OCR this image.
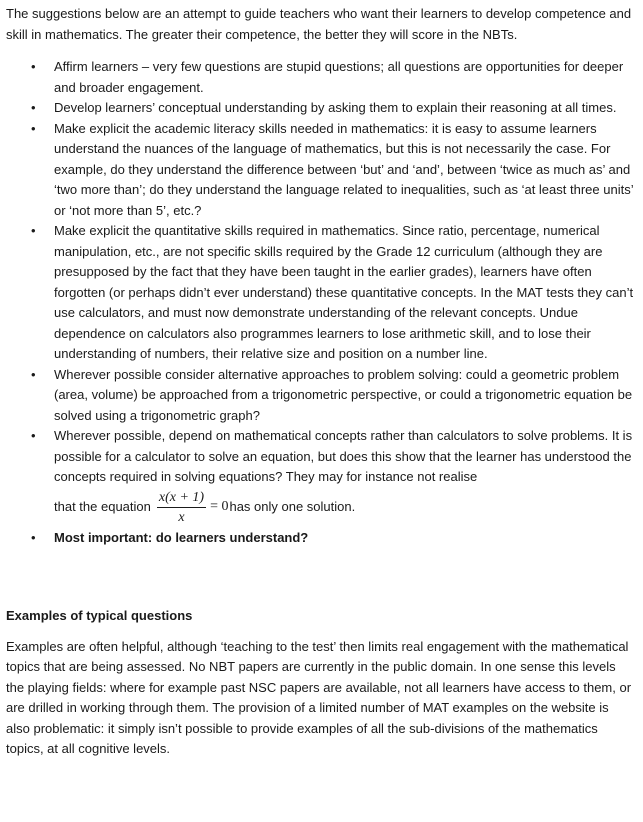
The suggestions below are an attempt to guide teachers who want their learners to develop competence and skill in mathematics. The greater their competence, the better they will score in the NBTs.

• Affirm learners – very few questions are stupid questions; all questions are opportunities for deeper and broader engagement.
• Develop learners’ conceptual understanding by asking them to explain their reasoning at all times.
• Make explicit the academic literacy skills needed in mathematics: it is easy to assume learners understand the nuances of the language of mathematics, but this is not necessarily the case. For example, do they understand the difference between ‘but’ and ‘and’, between ‘twice as much as’ and ‘two more than’; do they understand the language related to inequalities, such as ‘at least three units’ or ‘not more than 5’, etc.?
• Make explicit the quantitative skills required in mathematics. Since ratio, percentage, numerical manipulation, etc., are not specific skills required by the Grade 12 curriculum (although they are presupposed by the fact that they have been taught in the earlier grades), learners have often forgotten (or perhaps didn’t ever understand) these quantitative concepts. In the MAT tests they can’t use calculators, and must now demonstrate understanding of the relevant concepts. Undue dependence on calculators also programmes learners to lose arithmetic skill, and to lose their understanding of numbers, their relative size and position on a number line.
• Wherever possible consider alternative approaches to problem solving: could a geometric problem (area, volume) be approached from a trigonometric perspective, or could a trigonometric equation be solved using a trigonometric graph?
• Wherever possible, depend on mathematical concepts rather than calculators to solve problems. It is possible for a calculator to solve an equation, but does this show that the learner has understood the concepts required in solving equations? They may for instance not realise
that the equation $\frac{x(x + 1)}{x} = 0$ has only one solution.
• Most important: do learners understand?

Examples of typical questions

Examples are often helpful, although ‘teaching to the test’ then limits real engagement with the mathematical topics that are being assessed. No NBT papers are currently in the public domain. In one sense this levels the playing fields: where for example past NSC papers are available, not all learners have access to them, or are drilled in working through them. The provision of a limited number of MAT examples on the website is also problematic: it simply isn’t possible to provide examples of all the sub-divisions of the mathematics topics, at all cognitive levels.
